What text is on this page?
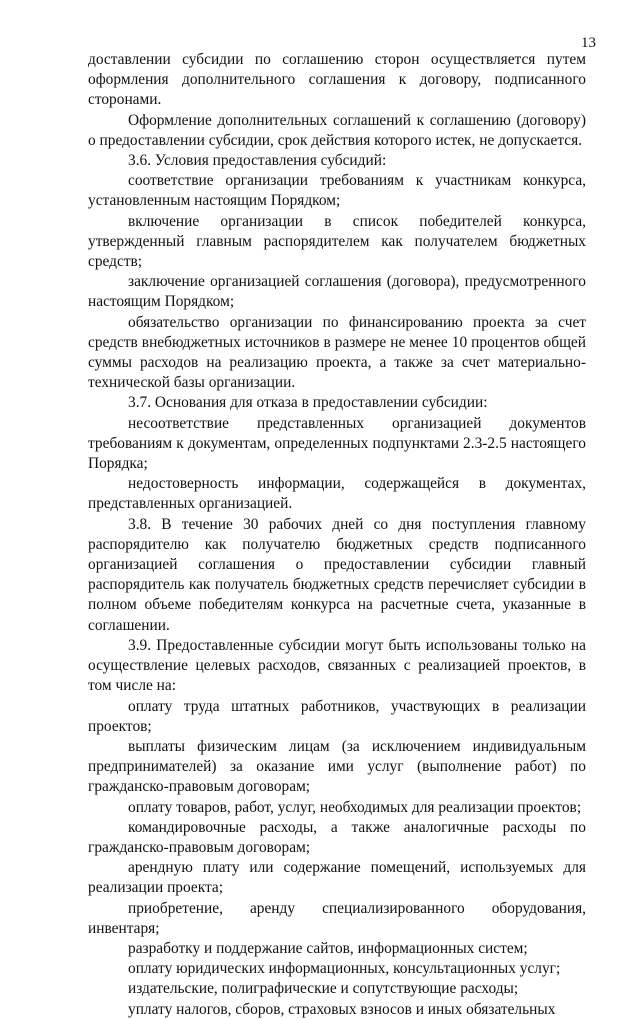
13

доставлении субсидии по соглашению сторон осуществляется путем оформления дополнительного соглашения к договору, подписанного сторонами.

Оформление дополнительных соглашений к соглашению (договору) о предоставлении субсидии, срок действия которого истек, не допускается.

3.6. Условия предоставления субсидий:

соответствие организации требованиям к участникам конкурса, установленным настоящим Порядком;

включение организации в список победителей конкурса, утвержденный главным распорядителем как получателем бюджетных средств;

заключение организацией соглашения (договора), предусмотренного настоящим Порядком;

обязательство организации по финансированию проекта за счет средств внебюджетных источников в размере не менее 10 процентов общей суммы расходов на реализацию проекта, а также за счет материально-технической базы организации.

3.7. Основания для отказа в предоставлении субсидии:

несоответствие представленных организацией документов требованиям к документам, определенных подпунктами 2.3-2.5 настоящего Порядка;

недостоверность информации, содержащейся в документах, представленных организацией.

3.8. В течение 30 рабочих дней со дня поступления главному распорядителю как получателю бюджетных средств подписанного организацией соглашения о предоставлении субсидии главный распорядитель как получатель бюджетных средств перечисляет субсидии в полном объеме победителям конкурса на расчетные счета, указанные в соглашении.

3.9. Предоставленные субсидии могут быть использованы только на осуществление целевых расходов, связанных с реализацией проектов, в том числе на:

оплату труда штатных работников, участвующих в реализации проектов;

выплаты физическим лицам (за исключением индивидуальным предпринимателей) за оказание ими услуг (выполнение работ) по гражданско-правовым договорам;

оплату товаров, работ, услуг, необходимых для реализации проектов;

командировочные расходы, а также аналогичные расходы по гражданско-правовым договорам;

арендную плату или содержание помещений, используемых для реализации проекта;

приобретение, аренду специализированного оборудования, инвентаря;

разработку и поддержание сайтов, информационных систем;

оплату юридических информационных, консультационных услуг;

издательские, полиграфические и сопутствующие расходы;

уплату налогов, сборов, страховых взносов и иных обязательных
